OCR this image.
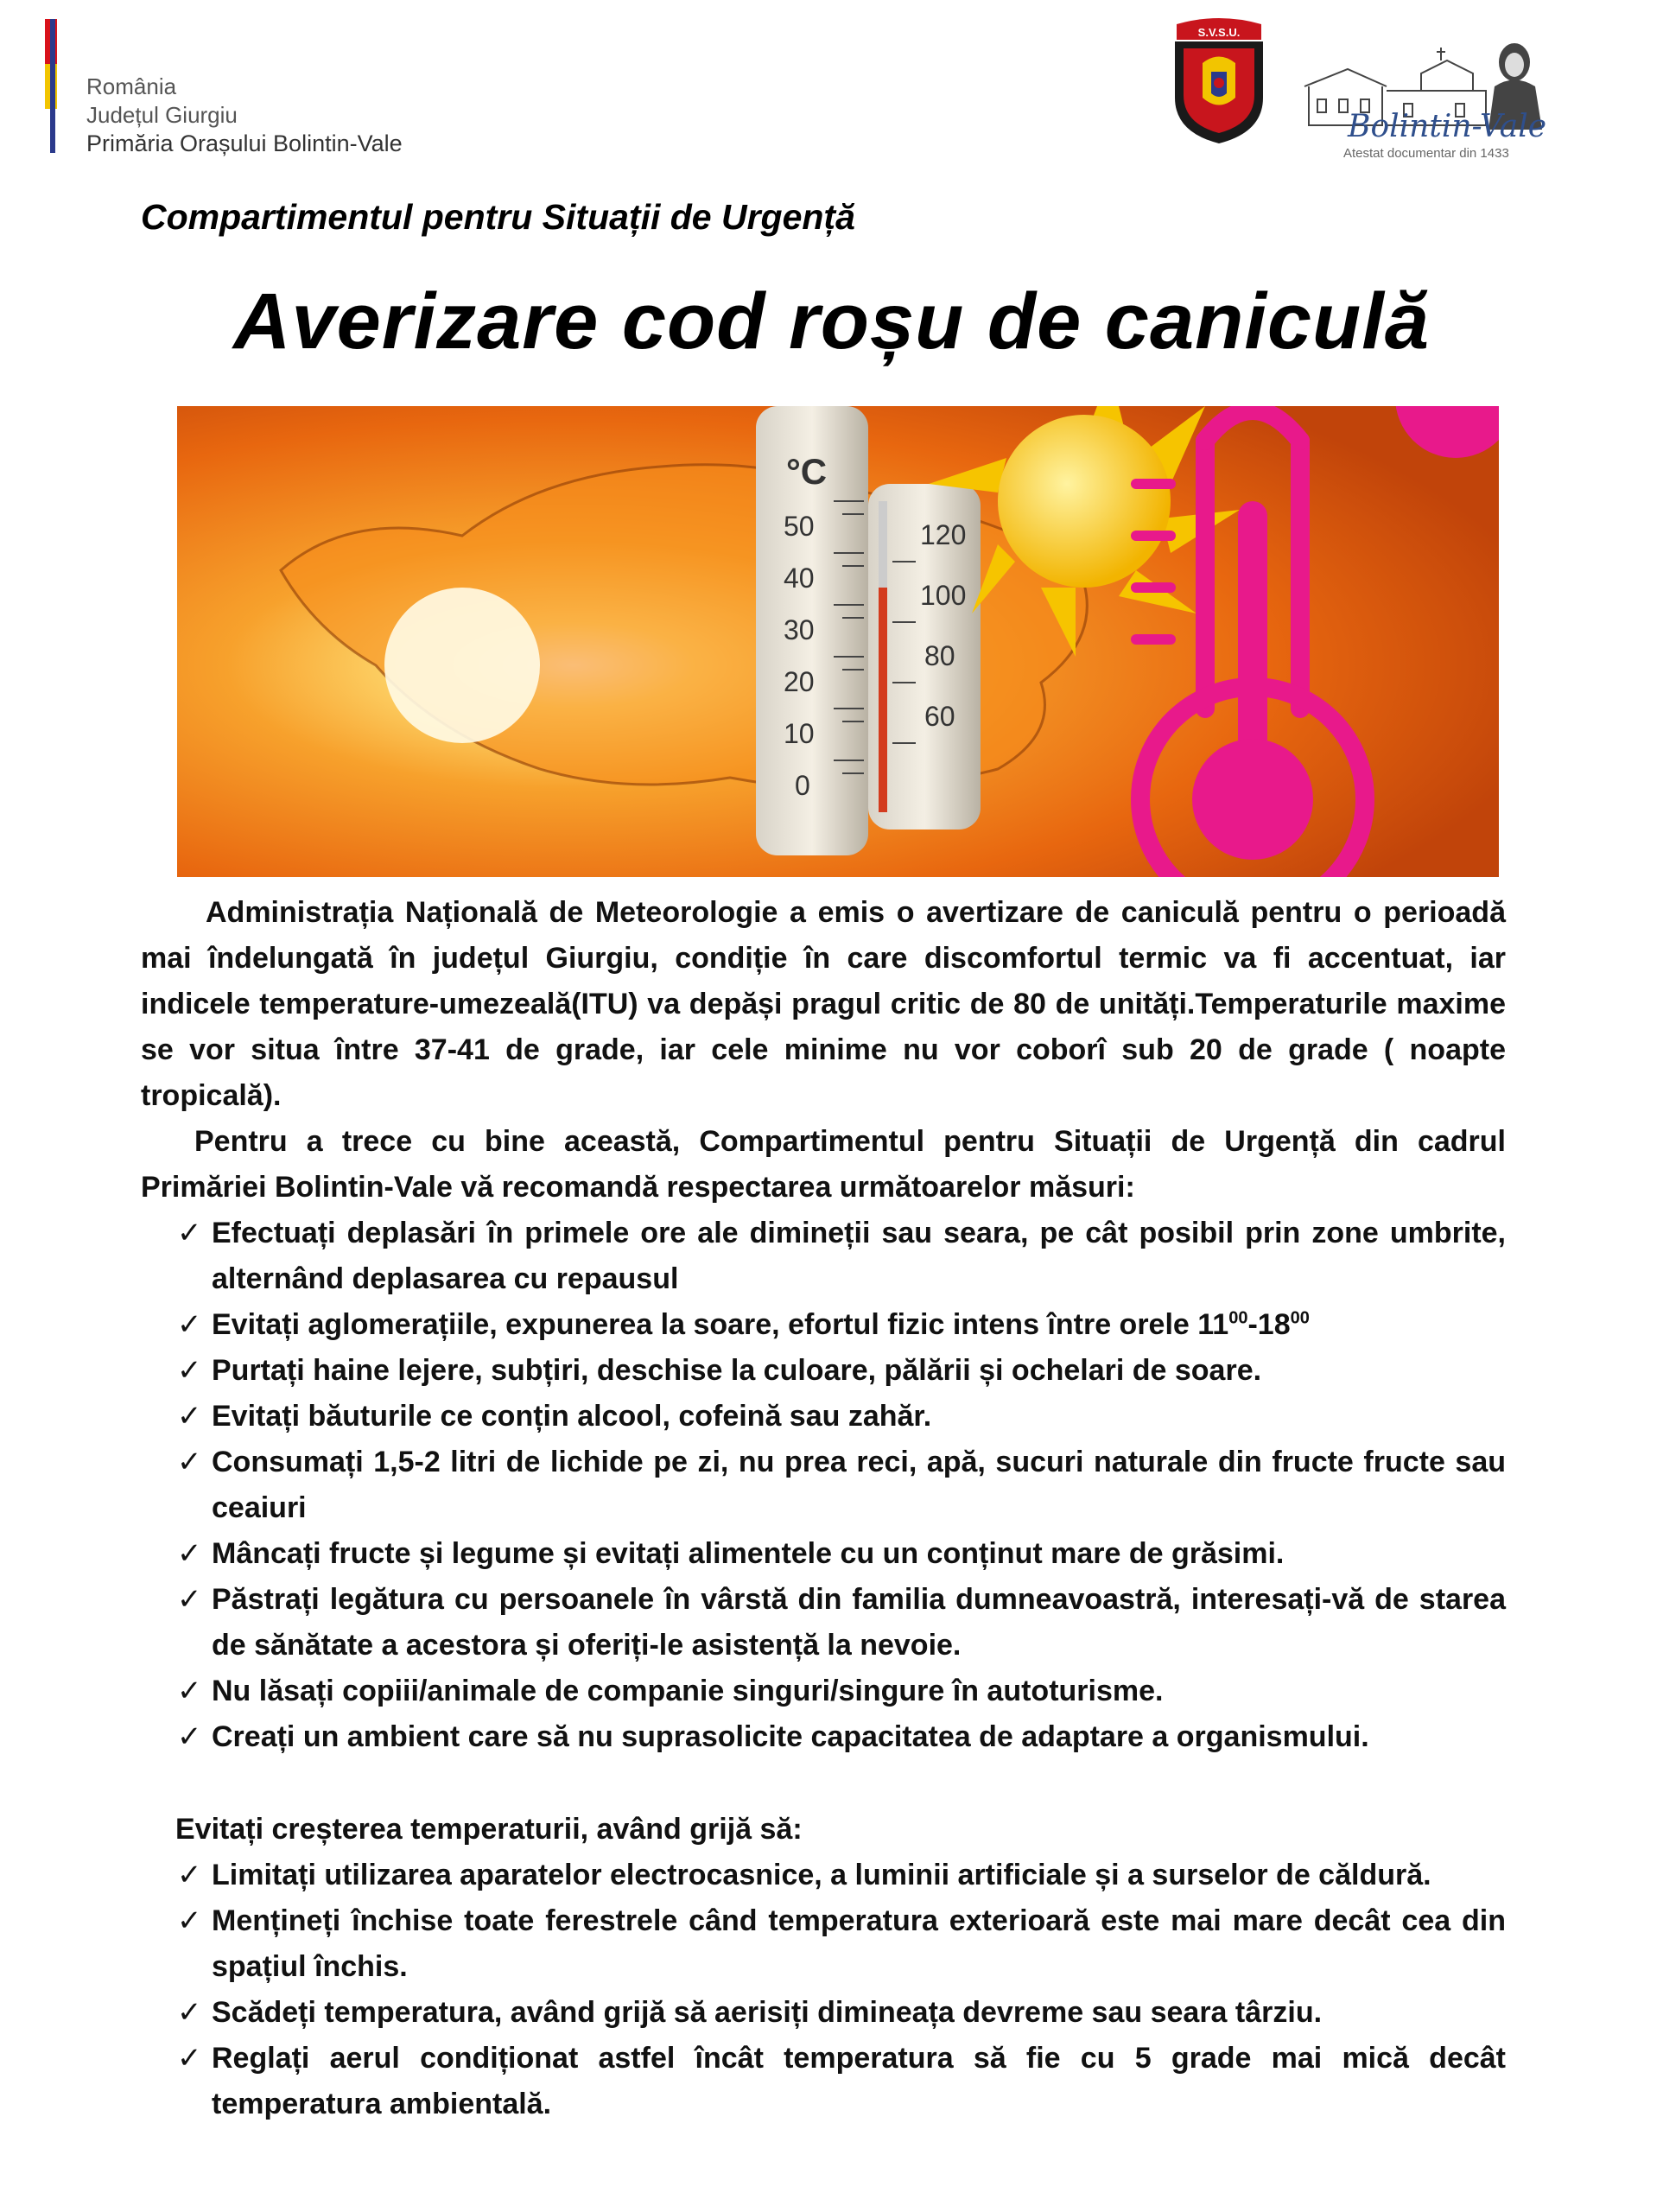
România
Județul Giurgiu
Primăria Orașului Bolintin-Vale
S.V.S.U.
Bolintin-Vale
Atestat documentar din 1433
Compartimentul pentru Situații de Urgență
Averizare cod roșu de caniculă
°C
50
40
30
20
10
0
120
100
80
60

Administrația Națională de Meteorologie a emis o avertizare de caniculă pentru o perioadă mai îndelungată în județul Giurgiu, condiție în care discomfortul termic va fi accentuat, iar indicele temperature-umezeală(ITU) va depăși pragul critic de 80 de unități.Temperaturile maxime se vor situa între 37-41 de grade, iar cele minime nu vor coborî sub 20 de grade ( noapte tropicală).

Pentru a trece cu bine această, Compartimentul pentru Situații de Urgență din cadrul Primăriei Bolintin-Vale vă recomandă respectarea următoarelor măsuri:

✓ Efectuați deplasări în primele ore ale dimineții sau seara, pe cât posibil prin zone umbrite, alternând deplasarea cu repausul

✓ Evitați aglomerațiile, expunerea la soare, efortul fizic intens între orele $11^{00}-18^{00}$

✓ Purtați haine lejere, subțiri, deschise la culoare, pălării și ochelari de soare.

✓ Evitați băuturile ce conțin alcool, cofeină sau zahăr.

✓ Consumați 1,5-2 litri de lichide pe zi, nu prea reci, apă, sucuri naturale din fructe fructe sau ceaiuri

✓ Mâncați fructe și legume și evitați alimentele cu un conținut mare de grăsimi.

✓ Păstrați legătura cu persoanele în vârstă din familia dumneavoastră, interesați-vă de starea de sănătate a acestora și oferiți-le asistență la nevoie.

✓ Nu lăsați copiii/animale de companie singuri/singure în autoturisme.

✓ Creați un ambient care să nu suprasolicite capacitatea de adaptare a organismului.

Evitați creșterea temperaturii, având grijă să:

✓ Limitați utilizarea aparatelor electrocasnice, a luminii artificiale și a surselor de căldură.

✓ Mențineți închise toate ferestrele când temperatura exterioară este mai mare decât cea din spațiul închis.

✓ Scădeți temperatura, având grijă să aerisiți dimineața devreme sau seara târziu.

✓ Reglați aerul condiționat astfel încât temperatura să fie cu 5 grade mai mică decât temperatura ambientală.
